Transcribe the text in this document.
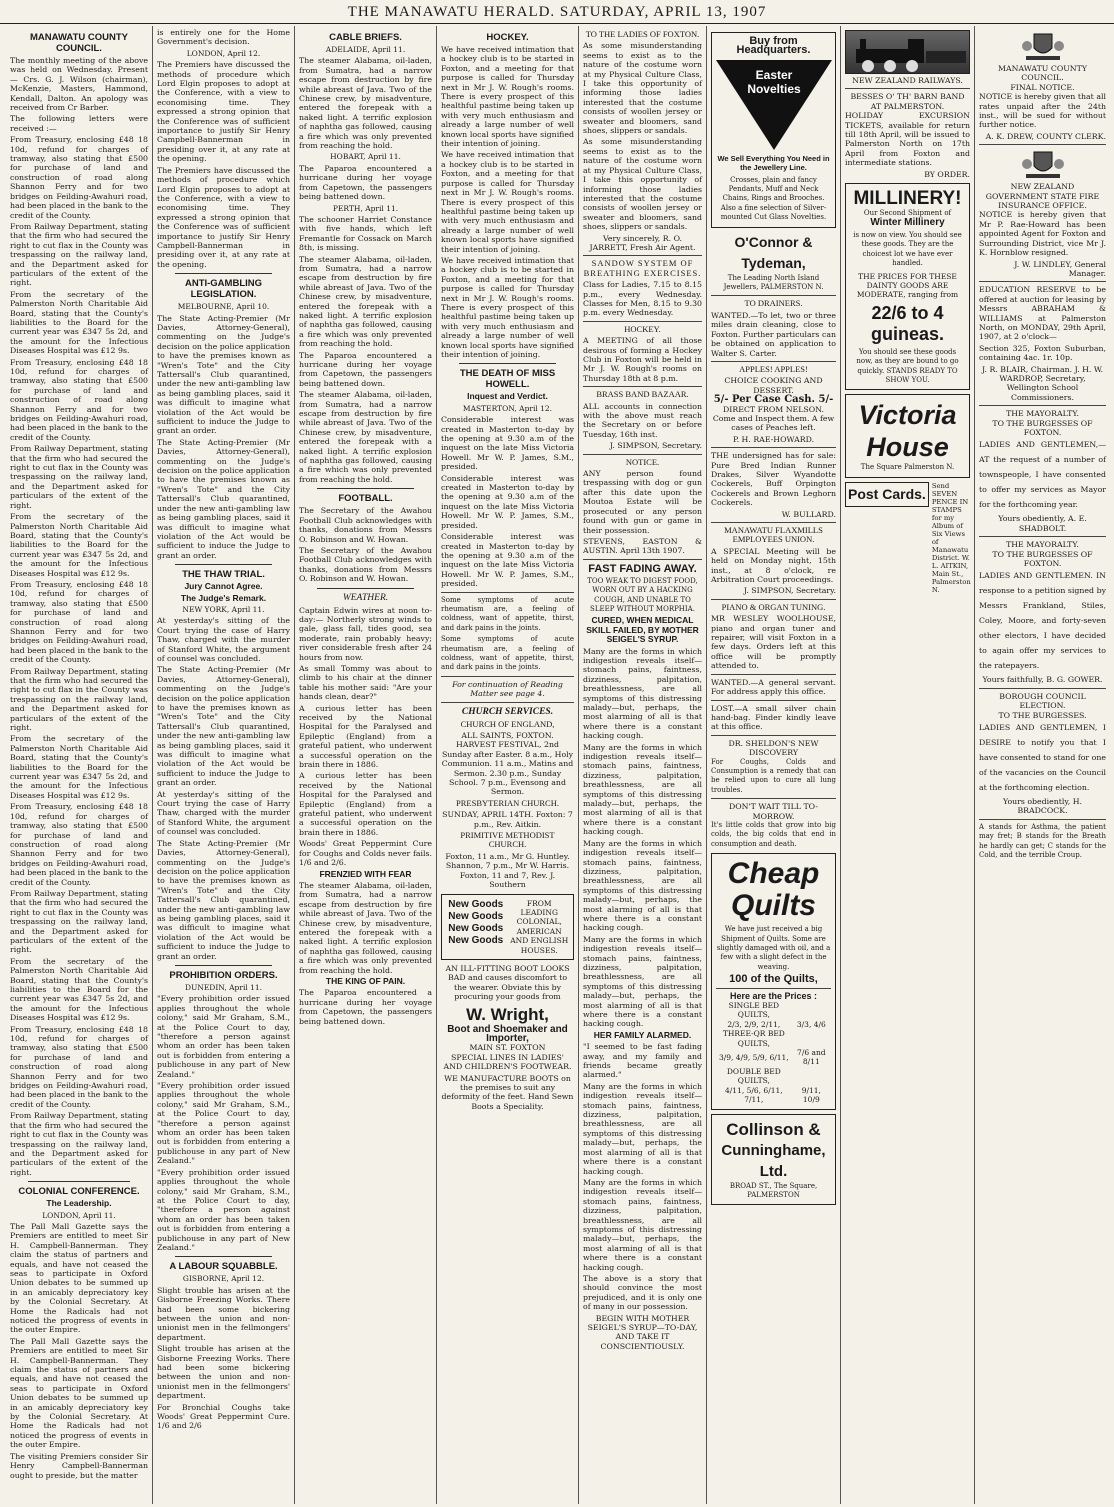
THE MANAWATU HERALD. SATURDAY, APRIL 13, 1907
MANAWATU COUNTY COUNCIL.
The monthly meeting of the above was held on Wednesday. Present — Crs. G. J. Wilson (chairman), McKenzie, Masters, Hammond, Kendall, Dalton. An apology was received from Cr Barber.
The following letters were received :—
From Treasury, enclosing £48 18 10d, refund for charges of tramway, also stating that £500 for purchase of land and construction of road along Shannon Ferry and for two bridges on Feilding-Awahuri road, had been placed in the bank to the credit of the County.
From Railway Department, stating that the firm who had secured the right to cut flax in the County was trespassing on the railway land, and the Department asked for particulars of the extent of the right.
From the secretary of the Palmerston North Charitable Aid Board, stating that the County's liabilities to the Board for the current year was £347 5s 2d, and the amount for the Infectious Diseases Hospital was £12 9s.
From Treasury, enclosing £48 18 10d, refund for charges of tramway, also stating that £500 for purchase of land and construction of road along Shannon Ferry and for two bridges on Feilding-Awahuri road, had been placed in the bank to the credit of the County.
From Railway Department, stating that the firm who had secured the right to cut flax in the County was trespassing on the railway land, and the Department asked for particulars of the extent of the right.
From the secretary of the Palmerston North Charitable Aid Board, stating that the County's liabilities to the Board for the current year was £347 5s 2d, and the amount for the Infectious Diseases Hospital was £12 9s.
From Treasury, enclosing £48 18 10d, refund for charges of tramway, also stating that £500 for purchase of land and construction of road along Shannon Ferry and for two bridges on Feilding-Awahuri road, had been placed in the bank to the credit of the County.
From Railway Department, stating that the firm who had secured the right to cut flax in the County was trespassing on the railway land, and the Department asked for particulars of the extent of the right.
From the secretary of the Palmerston North Charitable Aid Board, stating that the County's liabilities to the Board for the current year was £347 5s 2d, and the amount for the Infectious Diseases Hospital was £12 9s.
From Treasury, enclosing £48 18 10d, refund for charges of tramway, also stating that £500 for purchase of land and construction of road along Shannon Ferry and for two bridges on Feilding-Awahuri road, had been placed in the bank to the credit of the County.
From Railway Department, stating that the firm who had secured the right to cut flax in the County was trespassing on the railway land, and the Department asked for particulars of the extent of the right.
From the secretary of the Palmerston North Charitable Aid Board, stating that the County's liabilities to the Board for the current year was £347 5s 2d, and the amount for the Infectious Diseases Hospital was £12 9s.
From Treasury, enclosing £48 18 10d, refund for charges of tramway, also stating that £500 for purchase of land and construction of road along Shannon Ferry and for two bridges on Feilding-Awahuri road, had been placed in the bank to the credit of the County.
From Railway Department, stating that the firm who had secured the right to cut flax in the County was trespassing on the railway land, and the Department asked for particulars of the extent of the right.
COLONIAL CONFERENCE.
The Leadership.
LONDON, April 11.
The Pall Mall Gazette says the Premiers are entitled to meet Sir H. Campbell-Bannerman. They claim the status of partners and equals, and have not ceased the seas to participate in Oxford Union debates to be summed up in an amicably depreciatory key by the Colonial Secretary. At Home the Radicals had not noticed the progress of events in the outer Empire.
The Pall Mall Gazette says the Premiers are entitled to meet Sir H. Campbell-Bannerman. They claim the status of partners and equals, and have not ceased the seas to participate in Oxford Union debates to be summed up in an amicably depreciatory key by the Colonial Secretary. At Home the Radicals had not noticed the progress of events in the outer Empire.
The visiting Premiers consider Sir Henry Campbell-Bannerman ought to preside, but the matter
is entirely one for the Home Government's decision.
LONDON, April 12.
The Premiers have discussed the methods of procedure which Lord Elgin proposes to adopt at the Conference, with a view to economising time. They expressed a strong opinion that the Conference was of sufficient importance to justify Sir Henry Campbell-Bannerman in presiding over it, at any rate at the opening.
The Premiers have discussed the methods of procedure which Lord Elgin proposes to adopt at the Conference, with a view to economising time. They expressed a strong opinion that the Conference was of sufficient importance to justify Sir Henry Campbell-Bannerman in presiding over it, at any rate at the opening.
ANTI-GAMBLING LEGISLATION.
MELBOURNE, April 10.
The State Acting-Premier (Mr Davies, Attorney-General), commenting on the Judge's decision on the police application to have the premises known as "Wren's Tote" and the City Tattersall's Club quarantined, under the new anti-gambling law as being gambling places, said it was difficult to imagine what violation of the Act would be sufficient to induce the Judge to grant an order.
The State Acting-Premier (Mr Davies, Attorney-General), commenting on the Judge's decision on the police application to have the premises known as "Wren's Tote" and the City Tattersall's Club quarantined, under the new anti-gambling law as being gambling places, said it was difficult to imagine what violation of the Act would be sufficient to induce the Judge to grant an order.
THE THAW TRIAL.
Jury Cannot Agree.
The Judge's Remark.
NEW YORK, April 11.
At yesterday's sitting of the Court trying the case of Harry Thaw, charged with the murder of Stanford White, the argument of counsel was concluded.
The State Acting-Premier (Mr Davies, Attorney-General), commenting on the Judge's decision on the police application to have the premises known as "Wren's Tote" and the City Tattersall's Club quarantined, under the new anti-gambling law as being gambling places, said it was difficult to imagine what violation of the Act would be sufficient to induce the Judge to grant an order.
At yesterday's sitting of the Court trying the case of Harry Thaw, charged with the murder of Stanford White, the argument of counsel was concluded.
The State Acting-Premier (Mr Davies, Attorney-General), commenting on the Judge's decision on the police application to have the premises known as "Wren's Tote" and the City Tattersall's Club quarantined, under the new anti-gambling law as being gambling places, said it was difficult to imagine what violation of the Act would be sufficient to induce the Judge to grant an order.
PROHIBITION ORDERS.
DUNEDIN, April 11.
"Every prohibition order issued applies throughout the whole colony," said Mr Graham, S.M., at the Police Court to day, "therefore a person against whom an order has been taken out is forbidden from entering a publichouse in any part of New Zealand."
"Every prohibition order issued applies throughout the whole colony," said Mr Graham, S.M., at the Police Court to day, "therefore a person against whom an order has been taken out is forbidden from entering a publichouse in any part of New Zealand."
"Every prohibition order issued applies throughout the whole colony," said Mr Graham, S.M., at the Police Court to day, "therefore a person against whom an order has been taken out is forbidden from entering a publichouse in any part of New Zealand."
A LABOUR SQUABBLE.
GISBORNE, April 12.
Slight trouble has arisen at the Gisborne Freezing Works. There had been some bickering between the union and non-unionist men in the fellmongers' department.
Slight trouble has arisen at the Gisborne Freezing Works. There had been some bickering between the union and non-unionist men in the fellmongers' department.
For Bronchial Coughs take Woods' Great Peppermint Cure. 1/6 and 2/6
CABLE BRIEFS.
ADELAIDE, April 11.
The steamer Alabama, oil-laden, from Sumatra, had a narrow escape from destruction by fire while abreast of Java. Two of the Chinese crew, by misadventure, entered the forepeak with a naked light. A terrific explosion of naphtha gas followed, causing a fire which was only prevented from reaching the hold.
HOBART, April 11.
The Paparoa encountered a hurricane during her voyage from Capetown, the passengers being battened down.
PERTH, April 11.
The schooner Harriet Constance with five hands, which left Fremantle for Cossack on March 8th, is missing.
The steamer Alabama, oil-laden, from Sumatra, had a narrow escape from destruction by fire while abreast of Java. Two of the Chinese crew, by misadventure, entered the forepeak with a naked light. A terrific explosion of naphtha gas followed, causing a fire which was only prevented from reaching the hold.
The Paparoa encountered a hurricane during her voyage from Capetown, the passengers being battened down.
The steamer Alabama, oil-laden, from Sumatra, had a narrow escape from destruction by fire while abreast of Java. Two of the Chinese crew, by misadventure, entered the forepeak with a naked light. A terrific explosion of naphtha gas followed, causing a fire which was only prevented from reaching the hold.
FOOTBALL.
The Secretary of the Awahou Football Club acknowledges with thanks, donations from Messrs O. Robinson and W. Howan.
The Secretary of the Awahou Football Club acknowledges with thanks, donations from Messrs O. Robinson and W. Howan.
WEATHER.
Captain Edwin wires at noon to-day:— Northerly strong winds to gale, glass fall, tides good, sea moderate, rain probably heavy; river considerable fresh after 24 hours from now.
As small Tommy was about to climb to his chair at the dinner table his mother said: "Are your hands clean, dear?"
A curious letter has been received by the National Hospital for the Paralysed and Epileptic (England) from a grateful patient, who underwent a successful operation on the brain there in 1886.
A curious letter has been received by the National Hospital for the Paralysed and Epileptic (England) from a grateful patient, who underwent a successful operation on the brain there in 1886.
Woods' Great Peppermint Cure for Coughs and Colds never fails. 1/6 and 2/6.
FRENZIED WITH FEAR
The steamer Alabama, oil-laden, from Sumatra, had a narrow escape from destruction by fire while abreast of Java. Two of the Chinese crew, by misadventure, entered the forepeak with a naked light. A terrific explosion of naphtha gas followed, causing a fire which was only prevented from reaching the hold.
THE KING OF PAIN.
The Paparoa encountered a hurricane during her voyage from Capetown, the passengers being battened down.
HOCKEY.
We have received intimation that a hockey club is to be started in Foxton, and a meeting for that purpose is called for Thursday next in Mr J. W. Rough's rooms. There is every prospect of this healthful pastime being taken up with very much enthusiasm and already a large number of well known local sports have signified their intention of joining.
We have received intimation that a hockey club is to be started in Foxton, and a meeting for that purpose is called for Thursday next in Mr J. W. Rough's rooms. There is every prospect of this healthful pastime being taken up with very much enthusiasm and already a large number of well known local sports have signified their intention of joining.
We have received intimation that a hockey club is to be started in Foxton, and a meeting for that purpose is called for Thursday next in Mr J. W. Rough's rooms. There is every prospect of this healthful pastime being taken up with very much enthusiasm and already a large number of well known local sports have signified their intention of joining.
THE DEATH OF MISS HOWELL.
Inquest and Verdict.
MASTERTON, April 12.
Considerable interest was created in Masterton to-day by the opening at 9.30 a.m of the inquest on the late Miss Victoria Howell. Mr W. P. James, S.M., presided.
Considerable interest was created in Masterton to-day by the opening at 9.30 a.m of the inquest on the late Miss Victoria Howell. Mr W. P. James, S.M., presided.
Considerable interest was created in Masterton to-day by the opening at 9.30 a.m of the inquest on the late Miss Victoria Howell. Mr W. P. James, S.M., presided.
Some symptoms of acute rheumatism are, a feeling of coldness, want of appetite, thirst, and dark pains in the joints.
Some symptoms of acute rheumatism are, a feeling of coldness, want of appetite, thirst, and dark pains in the joints.
For continuation of Reading Matter see page 4.
CHURCH SERVICES.
CHURCH OF ENGLAND,
ALL SAINTS, FOXTON. HARVEST FESTIVAL, 2nd Sunday after Easter. 8 a.m., Holy Communion. 11 a.m., Matins and Sermon. 2.30 p.m., Sunday School. 7 p.m., Evensong and Sermon.
PRESBYTERIAN CHURCH.
SUNDAY, APRIL 14TH. Foxton: 7 p.m., Rev. Aitkin.
PRIMITIVE METHODIST CHURCH.
Foxton, 11 a.m., Mr G. Huntley. Shannon, 7 p.m., Mr W. Harris. Foxton, 11 and 7, Rev. J. Southern
New Goods
New Goods
New Goods
New Goods
FROM LEADING COLONIAL, AMERICAN AND ENGLISH HOUSES.
AN ILL-FITTING BOOT LOOKS BAD and causes discomfort to the wearer. Obviate this by procuring your goods from
W. Wright,
Boot and Shoemaker and Importer,
MAIN ST. FOXTON
SPECIAL LINES IN LADIES' AND CHILDREN'S FOOTWEAR.
WE MANUFACTURE BOOTS on the premises to suit any deformity of the feet. Hand Sewn Boots a Speciality.
TO THE LADIES OF FOXTON.
As some misunderstanding seems to exist as to the nature of the costume worn at my Physical Culture Class, I take this opportunity of informing those ladies interested that the costume consists of woollen jersey or sweater and bloomers, sand shoes, slippers or sandals.
As some misunderstanding seems to exist as to the nature of the costume worn at my Physical Culture Class, I take this opportunity of informing those ladies interested that the costume consists of woollen jersey or sweater and bloomers, sand shoes, slippers or sandals.
Very sincerely, R. O. JARRETT, Fresh Air Agent.
SANDOW SYSTEM OF BREATHING EXERCISES.
Class for Ladies, 7.15 to 8.15 p.m., every Wednesday. Classes for Men, 8.15 to 9.30 p.m. every Wednesday.
HOCKEY.
A MEETING of all those desirous of forming a Hockey Club in Foxton will be held in Mr J. W. Rough's rooms on Thursday 18th at 8 p.m.
BRASS BAND BAZAAR.
ALL accounts in connection with the above must reach the Secretary on or before Tuesday, 16th inst.
J. SIMPSON, Secretary.
NOTICE.
ANY person found trespassing with dog or gun after this date upon the Moutoa Estate will be prosecuted or any person found with gun or game in their possession.
STEVENS, EASTON & AUSTIN. April 13th 1907.
FAST FADING AWAY.
TOO WEAK TO DIGEST FOOD, WORN OUT BY A HACKING COUGH, AND UNABLE TO SLEEP WITHOUT MORPHIA.
CURED, WHEN MEDICAL SKILL FAILED, BY MOTHER SEIGEL'S SYRUP.
Many are the forms in which indigestion reveals itself—stomach pains, faintness, dizziness, palpitation, breathlessness, are all symptoms of this distressing malady—but, perhaps, the most alarming of all is that where there is a constant hacking cough.
Many are the forms in which indigestion reveals itself—stomach pains, faintness, dizziness, palpitation, breathlessness, are all symptoms of this distressing malady—but, perhaps, the most alarming of all is that where there is a constant hacking cough.
Many are the forms in which indigestion reveals itself—stomach pains, faintness, dizziness, palpitation, breathlessness, are all symptoms of this distressing malady—but, perhaps, the most alarming of all is that where there is a constant hacking cough.
Many are the forms in which indigestion reveals itself—stomach pains, faintness, dizziness, palpitation, breathlessness, are all symptoms of this distressing malady—but, perhaps, the most alarming of all is that where there is a constant hacking cough.
HER FAMILY ALARMED.
"I seemed to be fast fading away, and my family and friends became greatly alarmed."
Many are the forms in which indigestion reveals itself—stomach pains, faintness, dizziness, palpitation, breathlessness, are all symptoms of this distressing malady—but, perhaps, the most alarming of all is that where there is a constant hacking cough.
Many are the forms in which indigestion reveals itself—stomach pains, faintness, dizziness, palpitation, breathlessness, are all symptoms of this distressing malady—but, perhaps, the most alarming of all is that where there is a constant hacking cough.
The above is a story that should convince the most prejudiced, and it is only one of many in our possession.
BEGIN WITH MOTHER SEIGEL'S SYRUP—TO-DAY, AND TAKE IT CONSCIENTIOUSLY.
Buy from Headquarters.
Easter Novelties
We Sell Everything You Need in the Jewellery Line.
Crosses, plain and fancy Pendants, Muff and Neck Chains, Rings and Brooches. Also a fine selection of Silver-mounted Cut Glass Novelties.
O'Connor & Tydeman,
The Leading North Island Jewellers, PALMERSTON N.
TO DRAINERS.
WANTED.—To let, two or three miles drain cleaning, close to Foxton. Further particulars can be obtained on application to Walter S. Carter.
APPLES! APPLES!
CHOICE COOKING AND DESSERT.
5/- Per Case Cash. 5/-
DIRECT FROM NELSON. Come and Inspect them. A few cases of Peaches left.
P. H. RAE-HOWARD.
THE undersigned has for sale: Pure Bred Indian Runner Drakes, Silver Wyandotte Cockerels, Buff Orpington Cockerels and Brown Leghorn Cockerels.
W. BULLARD.
MANAWATU FLAXMILLS EMPLOYEES UNION.
A SPECIAL Meeting will be held on Monday night, 15th inst., at 8 o'clock, re Arbitration Court proceedings.
J. SIMPSON, Secretary.
PIANO & ORGAN TUNING.
MR WESLEY WOOLHOUSE, piano and organ tuner and repairer, will visit Foxton in a few days. Orders left at this office will be promptly attended to.
WANTED.—A general servant. For address apply this office.
LOST.—A small silver chain hand-bag. Finder kindly leave at this office.
DR. SHELDON'S NEW DISCOVERY
For Coughs, Colds and Consumption is a remedy that can be relied upon to cure all lung troubles.
DON'T WAIT TILL TO-MORROW.
It's little colds that grow into big colds, the big colds that end in consumption and death.
Cheap
Quilts
We have just received a big Shipment of Quilts. Some are slightly damaged with oil, and a few with a slight defect in the weaving.
100 of the Quilts,
Here are the Prices :
SINGLE BED QUILTS,	
2/3, 2/9, 2/11,	3/3, 4/6
THREE-QR BED QUILTS,	
3/9, 4/9, 5/9, 6/11,	7/6 and 8/11
DOUBLE BED QUILTS,	
4/11, 5/6, 6/11, 7/11,	9/11, 10/9
Collinson &
Cunninghame, Ltd.
BROAD ST., The Square, PALMERSTON
NEW ZEALAND RAILWAYS.
BESSES O' TH' BARN BAND AT PALMERSTON.
HOLIDAY EXCURSION TICKETS, available for return till 18th April, will be issued to Palmerston North on 17th April from Foxton and intermediate stations.
BY ORDER.
MILLINERY!
Our Second Shipment of
Winter Millinery
is now on view. You should see these goods. They are the choicest lot we have ever handled.
THE PRICES FOR THESE DAINTY GOODS ARE MODERATE, ranging from
22/6 to 4 guineas.
You should see these goods now, as they are bound to go quickly. STANDS READY TO SHOW YOU.
Victoria
House
The Square Palmerston N.
Post Cards. Send SEVEN PENCE IN STAMPS for my Album of Six Views of Manawatu District. W. L. AITKIN, Main St., Palmerston N.
MANAWATU COUNTY COUNCIL.
FINAL NOTICE.
NOTICE is hereby given that all rates unpaid after the 24th inst., will be sued for without further notice.
A. K. DREW, COUNTY CLERK.
NEW ZEALAND GOVERNMENT STATE FIRE INSURANCE OFFICE.
NOTICE is hereby given that Mr P. Rae-Howard has been appointed Agent for Foxton and Surrounding District, vice Mr J. K. Hornblow resigned.
J. W. LINDLEY, General Manager.
EDUCATION RESERVE to be offered at auction for leasing by Messrs ABRAHAM & WILLIAMS at Palmerston North, on MONDAY, 29th April, 1907, at 2 o'clock—
Section 325, Foxton Suburban, containing 4ac. 1r. 10p.
J. R. BLAIR, Chairman. J. H. W. WARDROP, Secretary, Wellington School Commissioners.
THE MAYORALTY.
TO THE BURGESSES OF FOXTON.
LADIES AND GENTLEMEN,— AT the request of a number of townspeople, I have consented to offer my services as Mayor for the forthcoming year.
Yours obediently, A. E. SHADBOLT.
THE MAYORALTY.
TO THE BURGESSES OF FOXTON.
LADIES AND GENTLEMEN. IN response to a petition signed by Messrs Frankland, Stiles, Coley, Moore, and forty-seven other electors, I have decided to again offer my services to the ratepayers.
Yours faithfully, B. G. GOWER.
BOROUGH COUNCIL ELECTION.
TO THE BURGESSES.
LADIES AND GENTLEMEN, I DESIRE to notify you that I have consented to stand for one of the vacancies on the Council at the forthcoming election.
Yours obediently, H. BRADCOCK.
A stands for Asthma, the patient may fret; B stands for the Breath he hardly can get; C stands for the Cold, and the terrible Croup.
